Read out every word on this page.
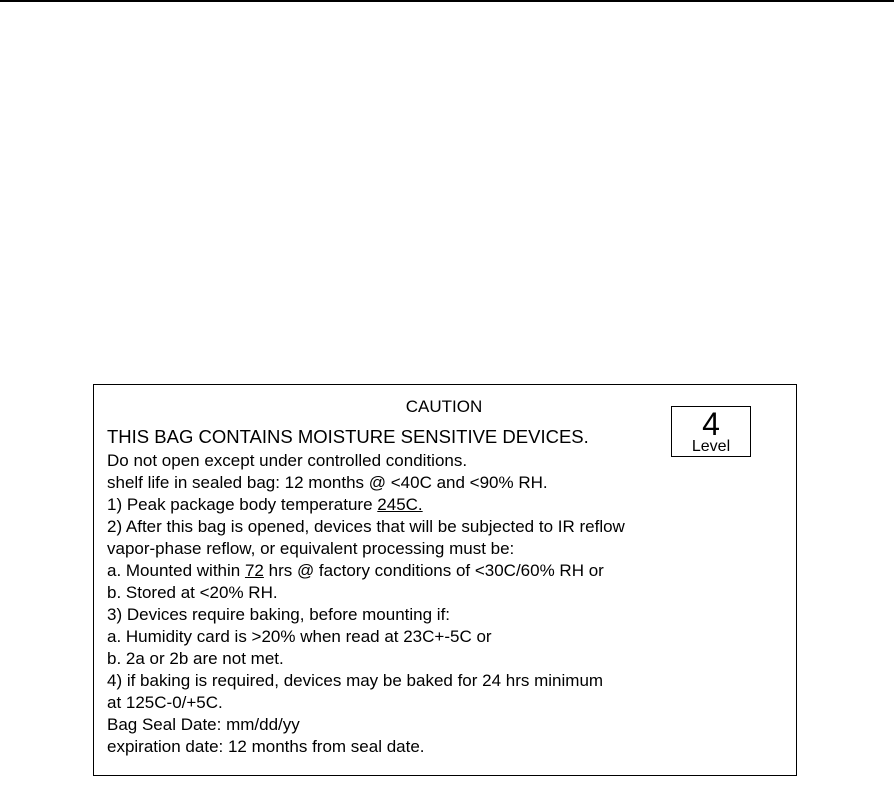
CAUTION
THIS BAG CONTAINS MOISTURE SENSITIVE DEVICES.	4
Level
Do not open except under controlled conditions.
shelf life in sealed bag: 12 months @ <40C and <90% RH.
1) Peak package body temperature 245C.
2) After this bag is opened, devices that will be subjected to IR reflow
vapor-phase reflow, or equivalent processing must be:
a. Mounted within 72 hrs @ factory conditions of <30C/60% RH or
b. Stored at <20% RH.
3) Devices require baking, before mounting if:
a. Humidity card is >20% when read at 23C+-5C or
b. 2a or 2b are not met.
4) if baking is required, devices may be baked for 24 hrs minimum
at 125C-0/+5C.
Bag Seal Date: mm/dd/yy
expiration date: 12 months from seal date.
